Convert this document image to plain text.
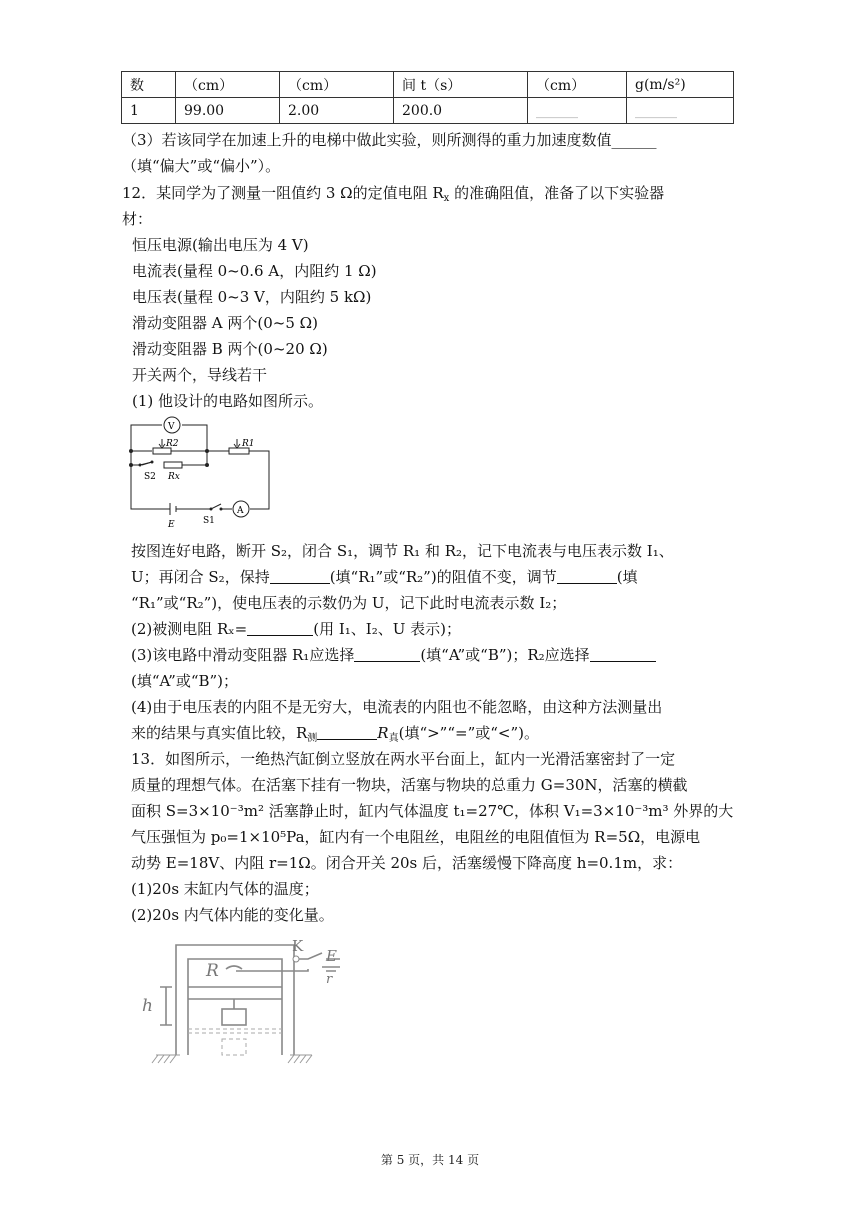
数	（cm）	（cm）	间 t（s）	（cm）	g(m/s²)
1	99.00	2.00	200.0	______	______
（3）若该同学在加速上升的电梯中做此实验，则所测得的重力加速度数值______
（填“偏大”或“偏小”）。
12．某同学为了测量一阻值约 3 Ω的定值电阻 $R_x$ 的准确阻值，准备了以下实验器
材：
恒压电源(输出电压为 4 V)
电流表(量程 0~0.6 A，内阻约 1 Ω)
电压表(量程 0~3 V，内阻约 5 kΩ)
滑动变阻器 A 两个(0~5 Ω)
滑动变阻器 B 两个(0~20 Ω)
开关两个，导线若干
(1) 他设计的电路如图所示。
V
A
R2	R1
Rx
S2
S1
E
按图连好电路，断开 S₂，闭合 S₁，调节 R₁ 和 R₂，记下电流表与电压表示数 I₁、
U；再闭合 S₂，保持	(填“R₁”或“R₂”)的阻值不变，调节	(填
“R₁”或“R₂”)，使电压表的示数仍为 U，记下此时电流表示数 I₂；
(2)被测电阻 Rₓ=	(用 I₁、I₂、U 表示)；
(3)该电路中滑动变阻器 R₁应选择	(填“A”或“B”)；R₂应选择
(填“A”或“B”)；
(4)由于电压表的内阻不是无穷大，电流表的内阻也不能忽略，由这种方法测量出
来的结果与真实值比较，$R_测$	$R_真$(填“>”“=”或“<”)。
13．如图所示，一绝热汽缸倒立竖放在两水平台面上，缸内一光滑活塞密封了一定
质量的理想气体。在活塞下挂有一物块，活塞与物块的总重力 G=30N，活塞的横截
面积 S=3×10⁻³m² 活塞静止时，缸内气体温度 t₁=27℃，体积 V₁=3×10⁻³m³ 外界的大
气压强恒为 p₀=1×10⁵Pa，缸内有一个电阻丝，电阻丝的电阻值恒为 R=5Ω，电源电
动势 E=18V、内阻 r=1Ω。闭合开关 20s 后，活塞缓慢下降高度 h=0.1m，求：
(1)20s 末缸内气体的温度；
(2)20s 内气体内能的变化量。
K
R
E
r
h
第 5 页，共 14 页
